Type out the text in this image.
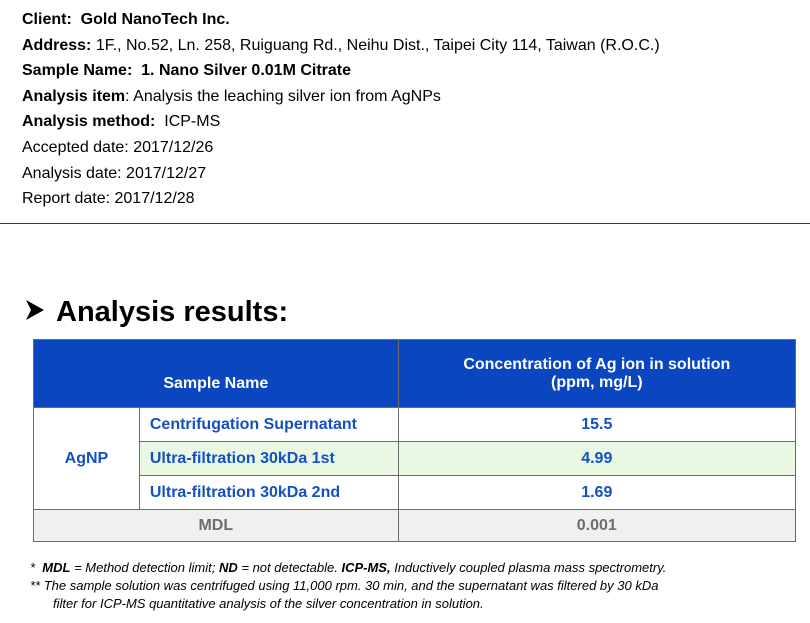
Client: Gold NanoTech Inc.
Address: 1F., No.52, Ln. 258, Ruiguang Rd., Neihu Dist., Taipei City 114, Taiwan (R.O.C.)
Sample Name: 1. Nano Silver 0.01M Citrate
Analysis item: Analysis the leaching silver ion from AgNPs
Analysis method: ICP-MS
Accepted date: 2017/12/26
Analysis date: 2017/12/27
Report date: 2017/12/28
Analysis results:
Sample Name		Concentration of Ag ion in solution
(ppm, mg/L)

AgNP	Centrifugation Supernatant	15.5
	Ultra-filtration 30kDa 1st	4.99
	Ultra-filtration 30kDa 2nd	1.69
MDL		0.001
* MDL = Method detection limit; ND = not detectable. ICP-MS, Inductively coupled plasma mass spectrometry.
** The sample solution was centrifuged using 11,000 rpm. 30 min, and the supernatant was filtered by 30 kDa
filter for ICP-MS quantitative analysis of the silver concentration in solution.
